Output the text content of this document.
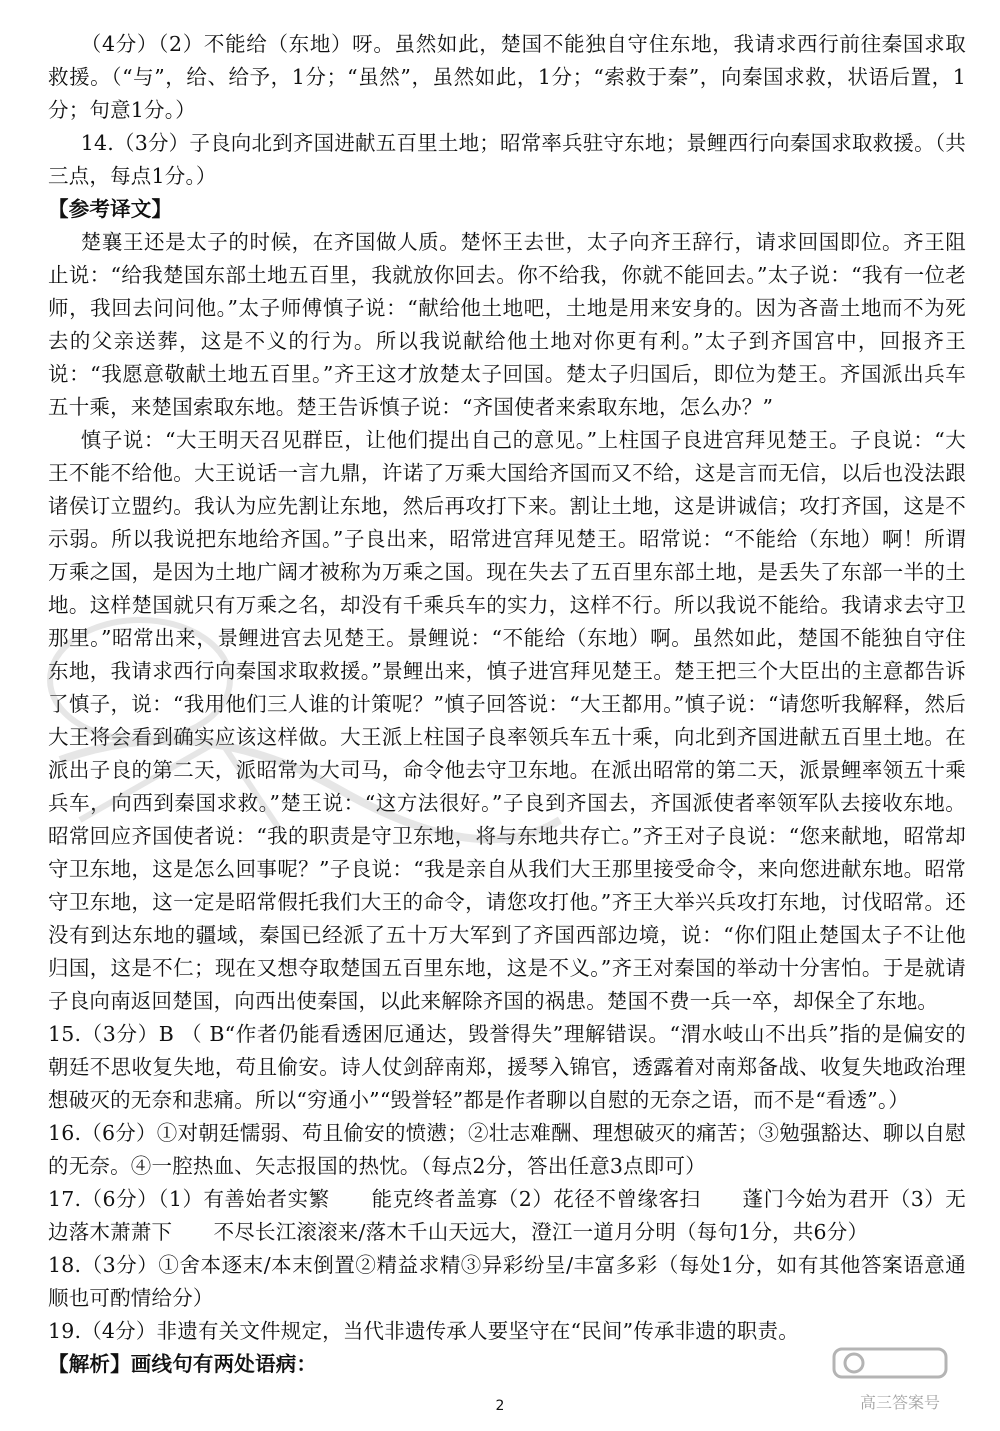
（4分）（2）不能给（东地）呀。虽然如此，楚国不能独自守住东地，我请求西行前往秦国求取救援。（“与”，给、给予，1分；“虽然”，虽然如此，1分；“索救于秦”，向秦国求救，状语后置，1分；句意1分。）

14.（3分）子良向北到齐国进献五百里土地；昭常率兵驻守东地；景鲤西行向秦国求取救援。（共三点，每点1分。）

【参考译文】

楚襄王还是太子的时候，在齐国做人质。楚怀王去世，太子向齐王辞行，请求回国即位。齐王阻止说：“给我楚国东部土地五百里，我就放你回去。你不给我，你就不能回去。”太子说：“我有一位老师，我回去问问他。”太子师傅慎子说：“献给他土地吧，土地是用来安身的。因为吝啬土地而不为死去的父亲送葬，这是不义的行为。所以我说献给他土地对你更有利。”太子到齐国宫中，回报齐王说：“我愿意敬献土地五百里。”齐王这才放楚太子回国。楚太子归国后，即位为楚王。齐国派出兵车五十乘，来楚国索取东地。楚王告诉慎子说：“齐国使者来索取东地，怎么办？”

慎子说：“大王明天召见群臣，让他们提出自己的意见。”上柱国子良进宫拜见楚王。子良说：“大王不能不给他。大王说话一言九鼎，许诺了万乘大国给齐国而又不给，这是言而无信，以后也没法跟诸侯订立盟约。我认为应先割让东地，然后再攻打下来。割让土地，这是讲诚信；攻打齐国，这是不示弱。所以我说把东地给齐国。”子良出来，昭常进宫拜见楚王。昭常说：“不能给（东地）啊！所谓万乘之国，是因为土地广阔才被称为万乘之国。现在失去了五百里东部土地，是丢失了东部一半的土地。这样楚国就只有万乘之名，却没有千乘兵车的实力，这样不行。所以我说不能给。我请求去守卫那里。”昭常出来，景鲤进宫去见楚王。景鲤说：“不能给（东地）啊。虽然如此，楚国不能独自守住东地，我请求西行向秦国求取救援。”景鲤出来，慎子进宫拜见楚王。楚王把三个大臣出的主意都告诉了慎子，说：“我用他们三人谁的计策呢？”慎子回答说：“大王都用。”慎子说：“请您听我解释，然后大王将会看到确实应该这样做。大王派上柱国子良率领兵车五十乘，向北到齐国进献五百里土地。在派出子良的第二天，派昭常为大司马，命令他去守卫东地。在派出昭常的第二天，派景鲤率领五十乘兵车，向西到秦国求救。”楚王说：“这方法很好。”子良到齐国去，齐国派使者率领军队去接收东地。昭常回应齐国使者说：“我的职责是守卫东地，将与东地共存亡。”齐王对子良说：“您来献地，昭常却守卫东地，这是怎么回事呢？”子良说：“我是亲自从我们大王那里接受命令，来向您进献东地。昭常守卫东地，这一定是昭常假托我们大王的命令，请您攻打他。”齐王大举兴兵攻打东地，讨伐昭常。还没有到达东地的疆域，秦国已经派了五十万大军到了齐国西部边境，说：“你们阻止楚国太子不让他归国，这是不仁；现在又想夺取楚国五百里东地，这是不义。”齐王对秦国的举动十分害怕。于是就请子良向南返回楚国，向西出使秦国，以此来解除齐国的祸患。楚国不费一兵一卒，却保全了东地。

15.（3分）B （ B“作者仍能看透困厄通达，毁誉得失”理解错误。“渭水岐山不出兵”指的是偏安的朝廷不思收复失地，苟且偷安。诗人仗剑辞南郑，援琴入锦官，透露着对南郑备战、收复失地政治理想破灭的无奈和悲痛。所以“穷通小”“毁誉轻”都是作者聊以自慰的无奈之语，而不是“看透”。）

16.（6分）①对朝廷懦弱、苟且偷安的愤懑；②壮志难酬、理想破灭的痛苦；③勉强豁达、聊以自慰的无奈。④一腔热血、矢志报国的热忱。（每点2分，答出任意3点即可）

17.（6分）（1）有善始者实繁　　能克终者盖寡（2）花径不曾缘客扫　　蓬门今始为君开（3）无边落木萧萧下　　不尽长江滚滚来/落木千山天远大，澄江一道月分明（每句1分，共6分）

18.（3分）①舍本逐末/本末倒置②精益求精③异彩纷呈/丰富多彩（每处1分，如有其他答案语意通顺也可酌情给分）

19.（4分）非遗有关文件规定，当代非遗传承人要坚守在“民间”传承非遗的职责。

【解析】画线句有两处语病：

高三答案号
2
